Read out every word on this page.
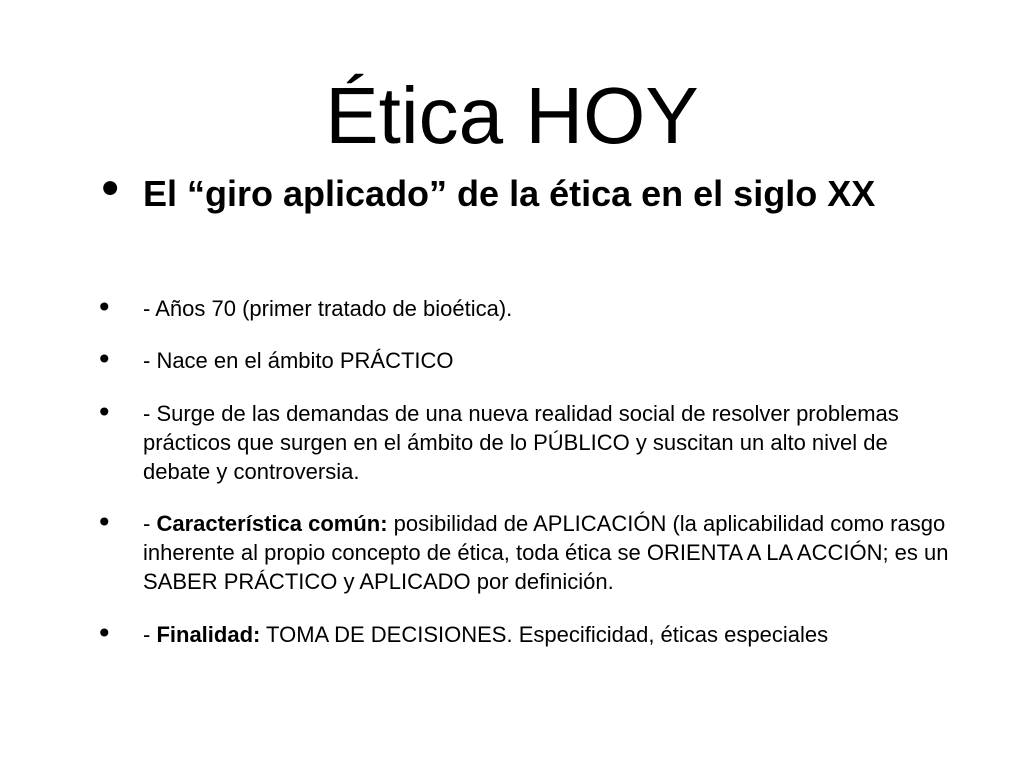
Ética HOY
• El “giro aplicado” de la ética en el siglo XX
• - Años 70 (primer tratado de bioética).
• - Nace en el ámbito PRÁCTICO
• - Surge de las demandas de una nueva realidad social de resolver problemas prácticos que surgen en el ámbito de lo PÚBLICO y suscitan un alto nivel de debate y controversia.
• - Característica común: posibilidad de APLICACIÓN (la aplicabilidad como rasgo inherente al propio concepto de ética, toda ética se ORIENTA A LA ACCIÓN; es un SABER PRÁCTICO y APLICADO por definición.
• - Finalidad: TOMA DE DECISIONES. Especificidad, éticas especiales
